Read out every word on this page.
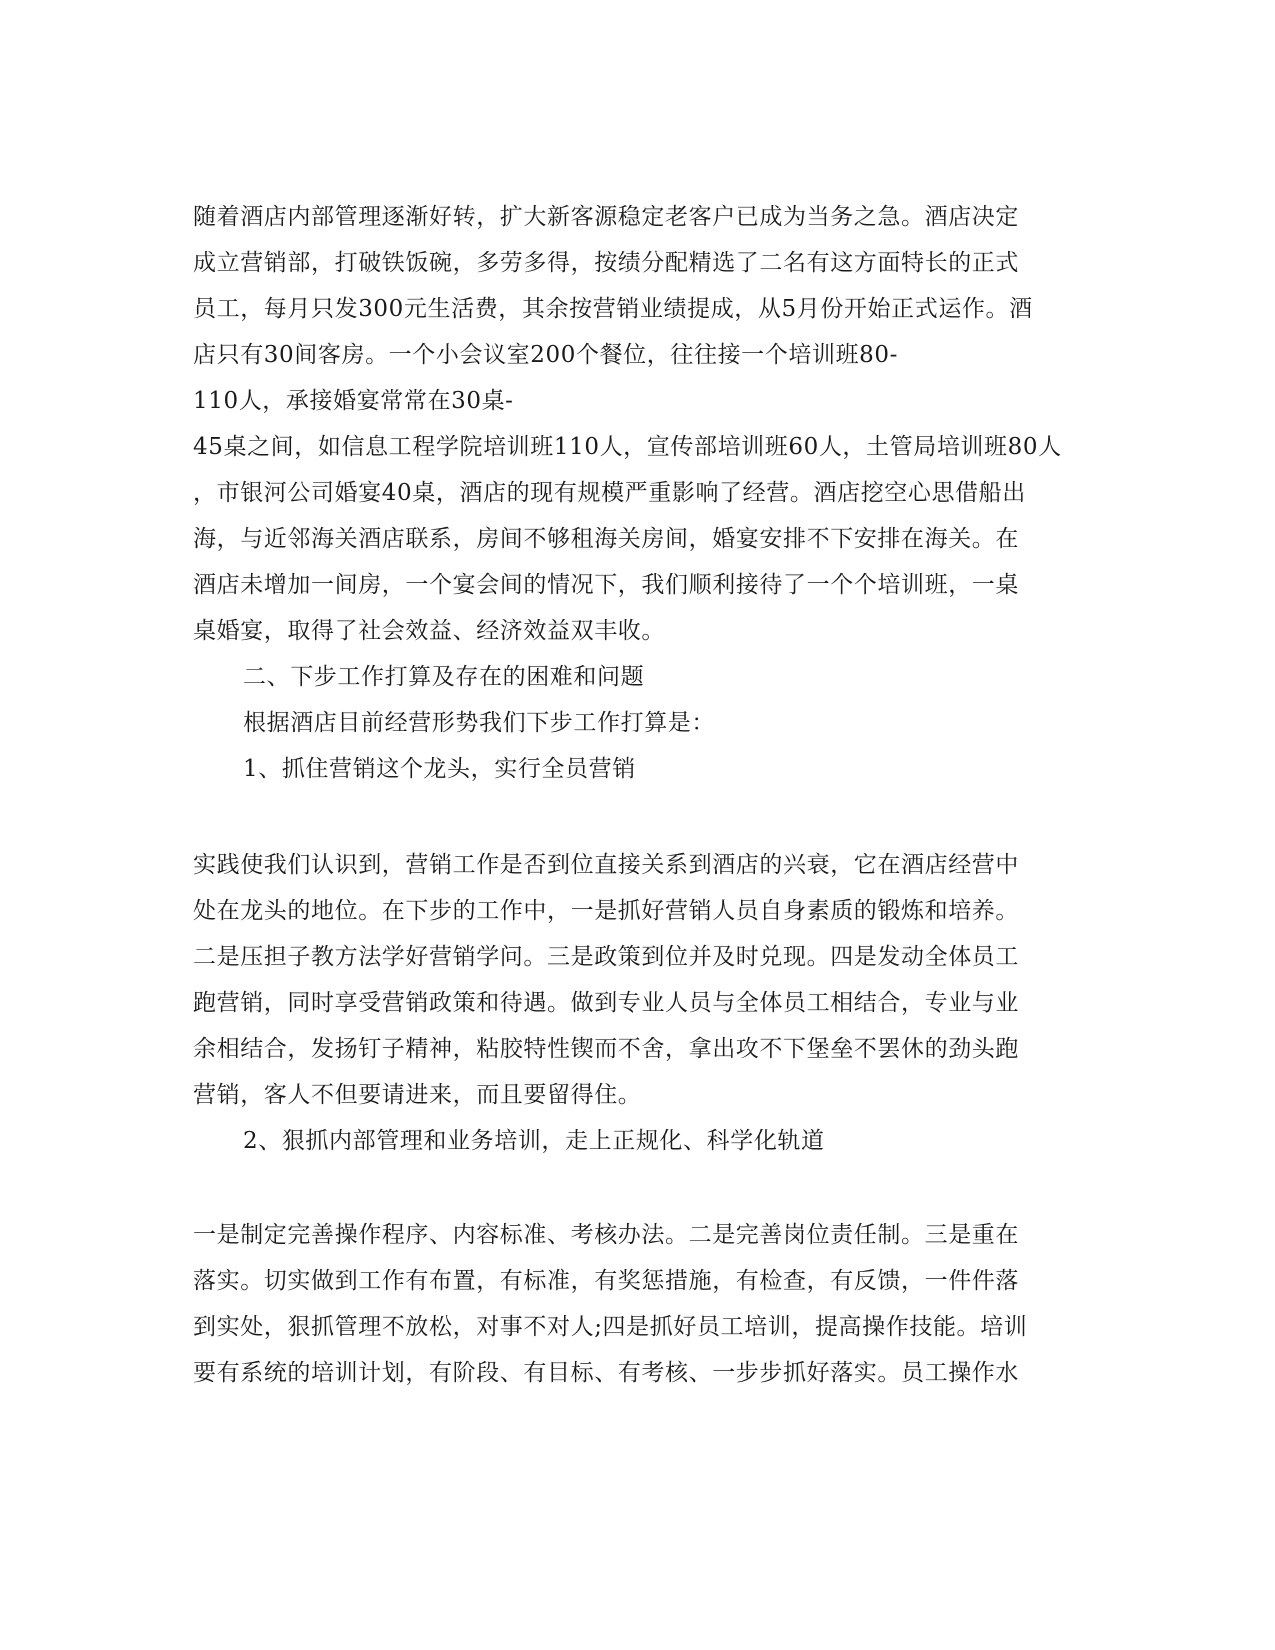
随着酒店内部管理逐渐好转，扩大新客源稳定老客户已成为当务之急。酒店决定
成立营销部，打破铁饭碗，多劳多得，按绩分配精选了二名有这方面特长的正式
员工，每月只发300元生活费，其余按营销业绩提成，从5月份开始正式运作。酒
店只有30间客房。一个小会议室200个餐位，往往接一个培训班80-
110人，承接婚宴常常在30桌-
45桌之间，如信息工程学院培训班110人，宣传部培训班60人，土管局培训班80人
，市银河公司婚宴40桌，酒店的现有规模严重影响了经营。酒店挖空心思借船出
海，与近邻海关酒店联系，房间不够租海关房间，婚宴安排不下安排在海关。在
酒店未增加一间房，一个宴会间的情况下，我们顺利接待了一个个培训班，一桌
桌婚宴，取得了社会效益、经济效益双丰收。
二、下步工作打算及存在的困难和问题
根据酒店目前经营形势我们下步工作打算是：
1、抓住营销这个龙头，实行全员营销
实践使我们认识到，营销工作是否到位直接关系到酒店的兴衰，它在酒店经营中
处在龙头的地位。在下步的工作中，一是抓好营销人员自身素质的锻炼和培养。
二是压担子教方法学好营销学问。三是政策到位并及时兑现。四是发动全体员工
跑营销，同时享受营销政策和待遇。做到专业人员与全体员工相结合，专业与业
余相结合，发扬钉子精神，粘胶特性锲而不舍，拿出攻不下堡垒不罢休的劲头跑
营销，客人不但要请进来，而且要留得住。
2、狠抓内部管理和业务培训，走上正规化、科学化轨道
一是制定完善操作程序、内容标准、考核办法。二是完善岗位责任制。三是重在
落实。切实做到工作有布置，有标准，有奖惩措施，有检查，有反馈，一件件落
到实处，狠抓管理不放松，对事不对人;四是抓好员工培训，提高操作技能。培训
要有系统的培训计划，有阶段、有目标、有考核、一步步抓好落实。员工操作水
